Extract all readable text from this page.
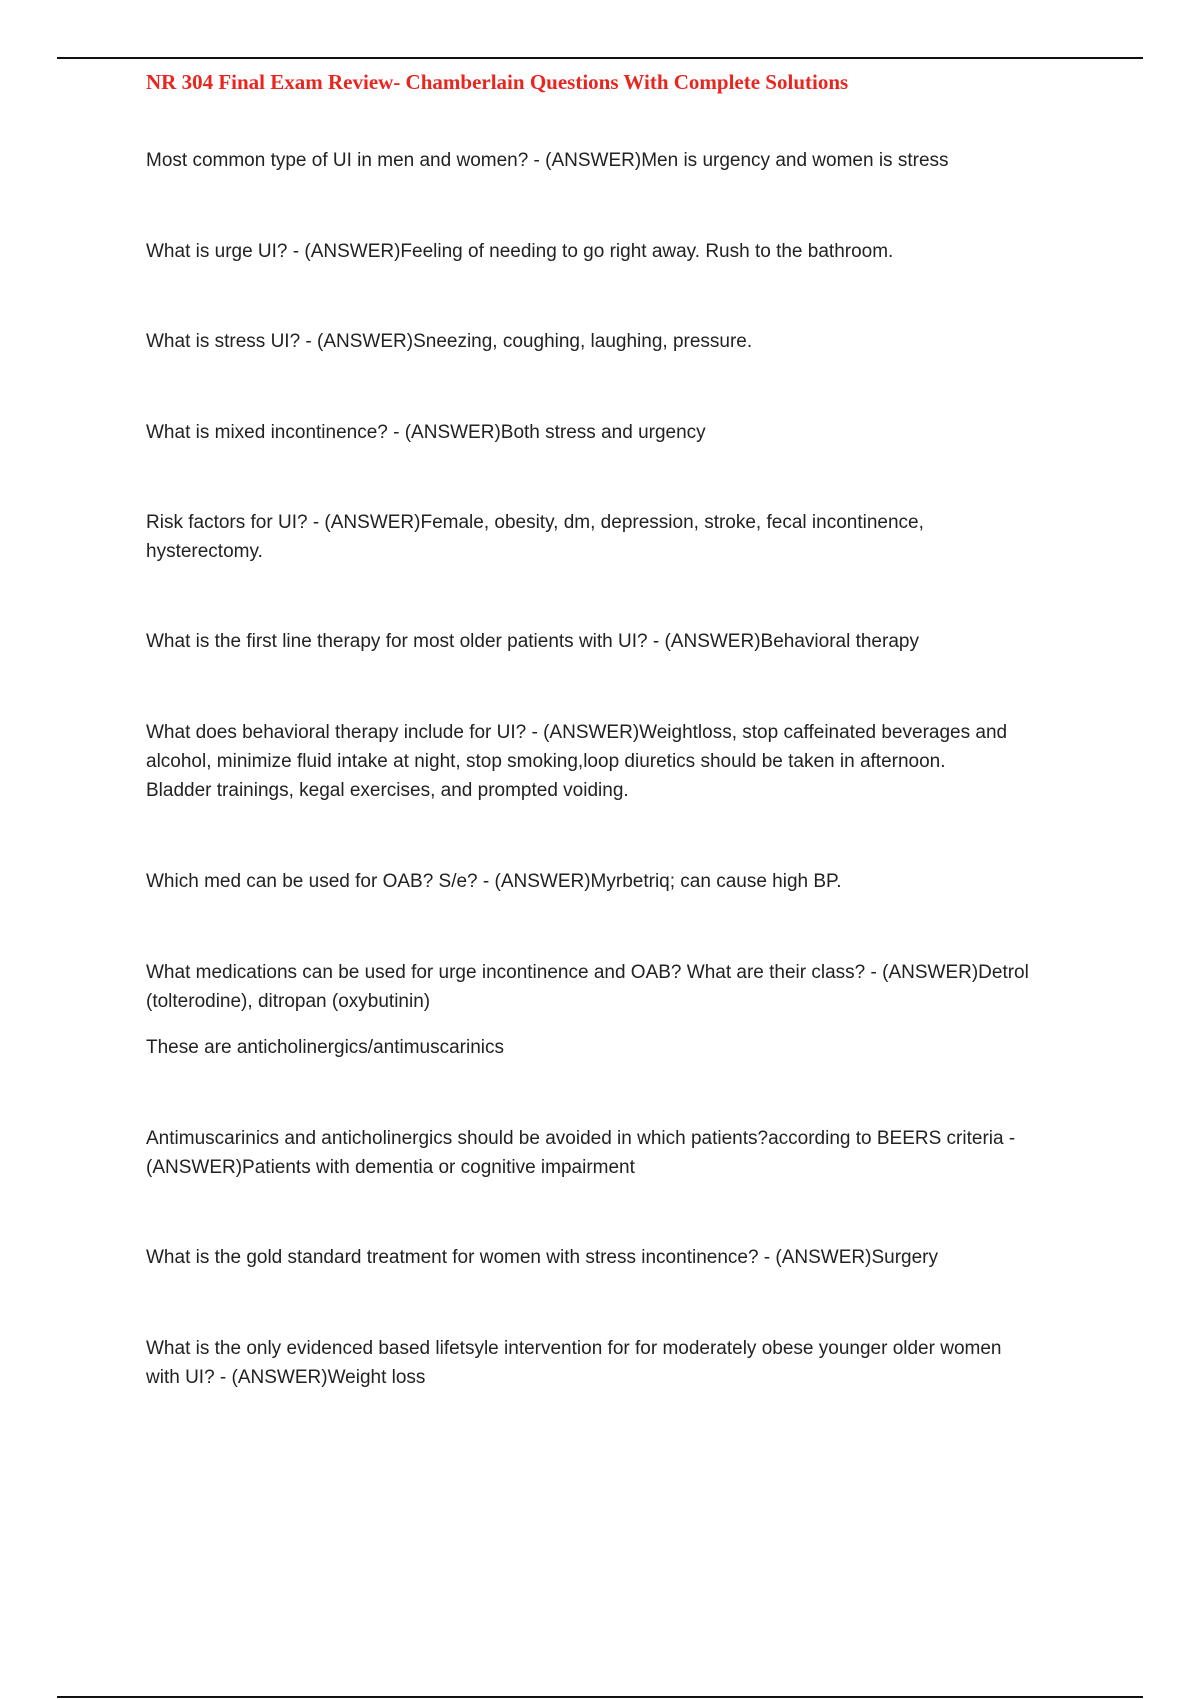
NR 304 Final Exam Review- Chamberlain Questions With Complete Solutions
Most common type of UI in men and women? - (ANSWER)Men is urgency and women is stress
What is urge UI? - (ANSWER)Feeling of needing to go right away. Rush to the bathroom.
What is stress UI? - (ANSWER)Sneezing, coughing, laughing, pressure.
What is mixed incontinence? - (ANSWER)Both stress and urgency
Risk factors for UI? - (ANSWER)Female, obesity, dm, depression, stroke, fecal incontinence,
hysterectomy.
What is the first line therapy for most older patients with UI? - (ANSWER)Behavioral therapy
What does behavioral therapy include for UI? - (ANSWER)Weightloss, stop caffeinated beverages and
alcohol, minimize fluid intake at night, stop smoking,loop diuretics should be taken in afternoon.
Bladder trainings, kegal exercises, and prompted voiding.
Which med can be used for OAB? S/e? - (ANSWER)Myrbetriq; can cause high BP.
What medications can be used for urge incontinence and OAB? What are their class? - (ANSWER)Detrol
(tolterodine), ditropan (oxybutinin)
These are anticholinergics/antimuscarinics
Antimuscarinics and anticholinergics should be avoided in which patients?according to BEERS criteria -
(ANSWER)Patients with dementia or cognitive impairment
What is the gold standard treatment for women with stress incontinence? - (ANSWER)Surgery
What is the only evidenced based lifetsyle intervention for for moderately obese younger older women
with UI? - (ANSWER)Weight loss
